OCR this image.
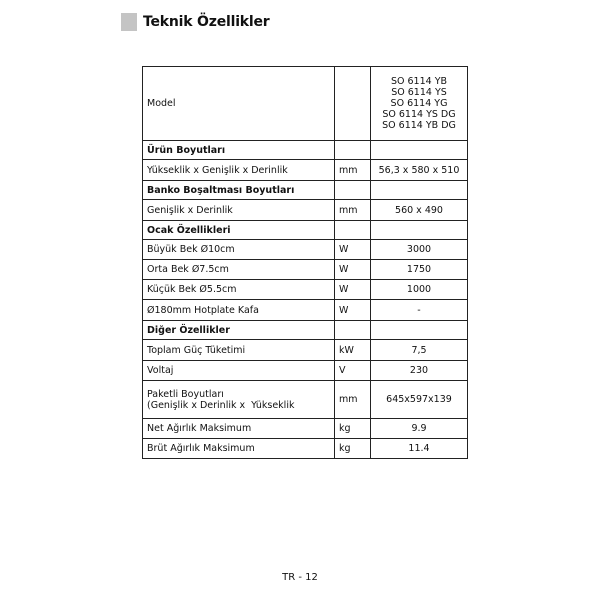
Teknik Özellikler
Model		SO 6114 YB
SO 6114 YS
SO 6114 YG
SO 6114 YS DG
SO 6114 YB DG

Ürün Boyutları		
Yükseklik x Genişlik x Derinlik	mm	56,3 x 580 x 510
Banko Boşaltması Boyutları		
Genişlik x Derinlik	mm	560 x 490
Ocak Özellikleri		
Büyük Bek Ø10cm	W	3000
Orta Bek Ø7.5cm	W	1750
Küçük Bek Ø5.5cm	W	1000
Ø180mm Hotplate Kafa	W	-
Diğer Özellikler		
Toplam Güç Tüketimi	kW	7,5
Voltaj	V	230

Paketli Boyutları
(Genişlik x Derinlik x  Yükseklik	mm	645x597x139
Net Ağırlık Maksimum	kg	9.9
Brüt Ağırlık Maksimum	kg	11.4
TR - 12
